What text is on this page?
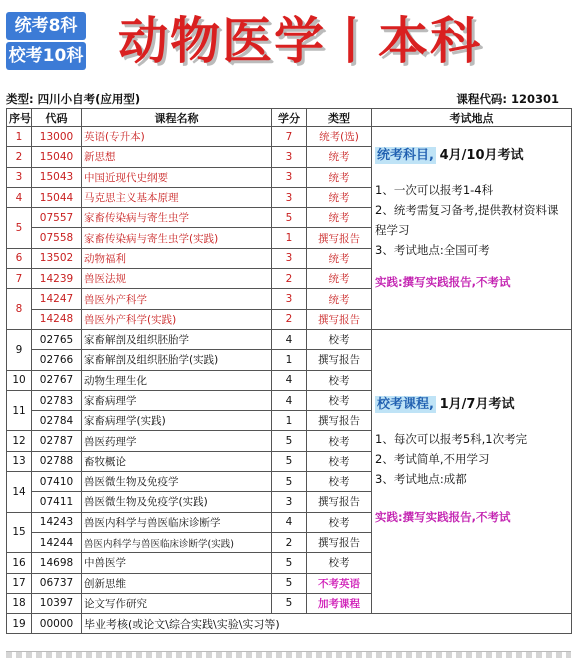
统考8科
校考10科 动物医学丨本科
类型: 四川小自考(应用型)	课程代码: 120301
序号	代码	课程名称	学分	类型	考试地点
1	13000	英语(专升本)	7	统考(选)	统考科目, 4月/10月考试

1、一次可以报考1-4科

2、统考需复习备考,提供教材资料课程学习

3、考试地点:全国可考

实践:撰写实践报告,不考试

2	15040	新思想	3	统考	
3	15043	中国近现代史纲要	3	统考	
4	15044	马克思主义基本原理	3	统考	
5	07557	家畜传染病与寄生虫学	5	统考	
	07558	家畜传染病与寄生虫学(实践)	1	撰写报告	
6	13502	动物福利	3	统考	
7	14239	兽医法规	2	统考	
8	14247	兽医外产科学	3	统考	
	14248	兽医外产科学(实践)	2	撰写报告	
9	02765	家畜解剖及组织胚胎学	4	校考	校考课程, 1月/7月考试

1、每次可以报考5科,1次考完

2、考试简单,不用学习

3、考试地点:成都

实践:撰写实践报告,不考试

	02766	家畜解剖及组织胚胎学(实践)	1	撰写报告	
10	02767	动物生理生化	4	校考	
11	02783	家畜病理学	4	校考	
	02784	家畜病理学(实践)	1	撰写报告	
12	02787	兽医药理学	5	校考	
13	02788	畜牧概论	5	校考	
14	07410	兽医微生物及免疫学	5	校考	
	07411	兽医微生物及免疫学(实践)	3	撰写报告	
15	14243	兽医内科学与兽医临床诊断学	4	校考	
	14244	兽医内科学与兽医临床诊断学(实践)	2	撰写报告	
16	14698	中兽医学	5	校考	
17	06737	创新思维	5	不考英语	
18	10397	论文写作研究	5	加考课程	
19	00000	毕业考核(或论文\综合实践\实验\实习等)			
